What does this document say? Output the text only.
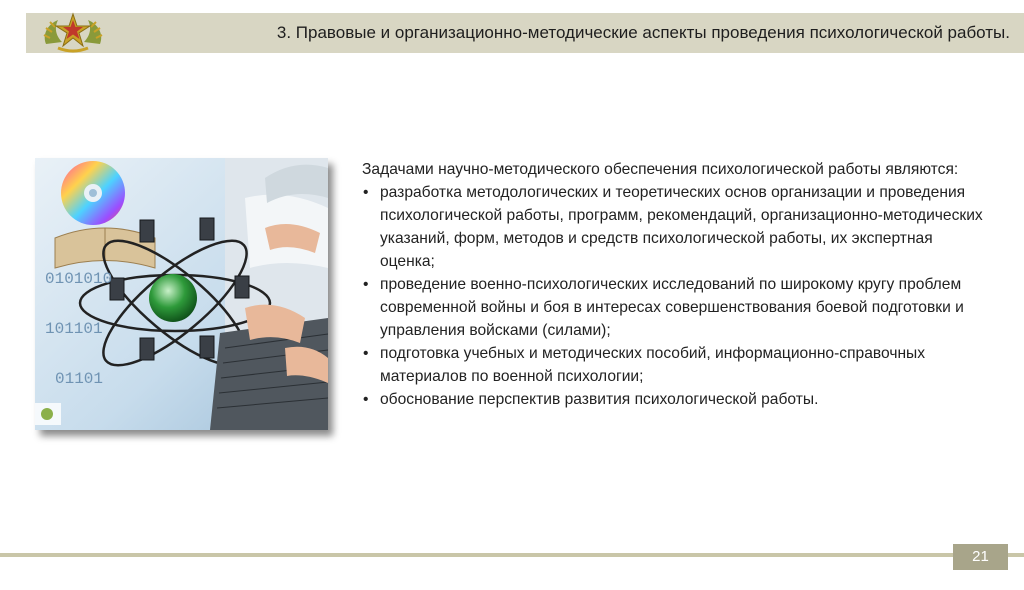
3. Правовые и организационно-методические аспекты проведения психологической работы.
0101010
101101
01101

Задачами научно-методического обеспечения психологической работы являются:

• разработка методологических и теоретических основ организации и проведения психологической работы, программ, рекомендаций, организационно-методических указаний, форм, методов и средств психологической работы, их экспертная оценка;
• проведение военно-психологических исследований по широкому кругу проблем современной войны и боя в интересах совершенствования боевой подготовки и управления войсками (силами);
• подготовка учебных и методических пособий, информационно-справочных материалов по военной психологии;
• обоснование перспектив развития психологической работы.
21
